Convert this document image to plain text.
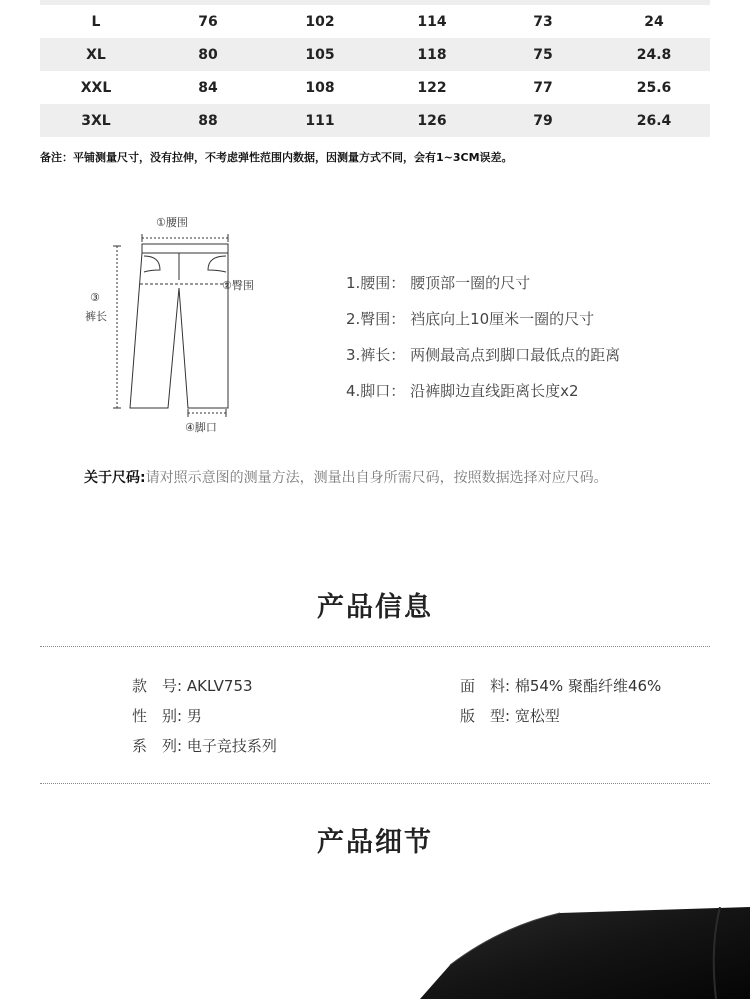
L	76	102	114	73	24
XL	80	105	118	75	24.8
XXL	84	108	122	77	25.6
3XL	88	111	126	79	26.4
备注：平铺测量尺寸，没有拉伸，不考虑弹性范围内数据，因测量方式不同，会有1~3CM误差。
①腰围
②臀围
③
裤长
④脚口
1.腰围： 腰顶部一圈的尺寸
2.臀围： 裆底向上10厘米一圈的尺寸
3.裤长： 两侧最高点到脚口最低点的距离
4.脚口： 沿裤脚边直线距离长度x2
关于尺码:请对照示意图的测量方法，测量出自身所需尺码，按照数据选择对应尺码。
产品信息
款　号: AKLV753
性　别: 男
系　列: 电子竞技系列
面　料: 棉54% 聚酯纤维46%
版　型: 宽松型
产品细节
